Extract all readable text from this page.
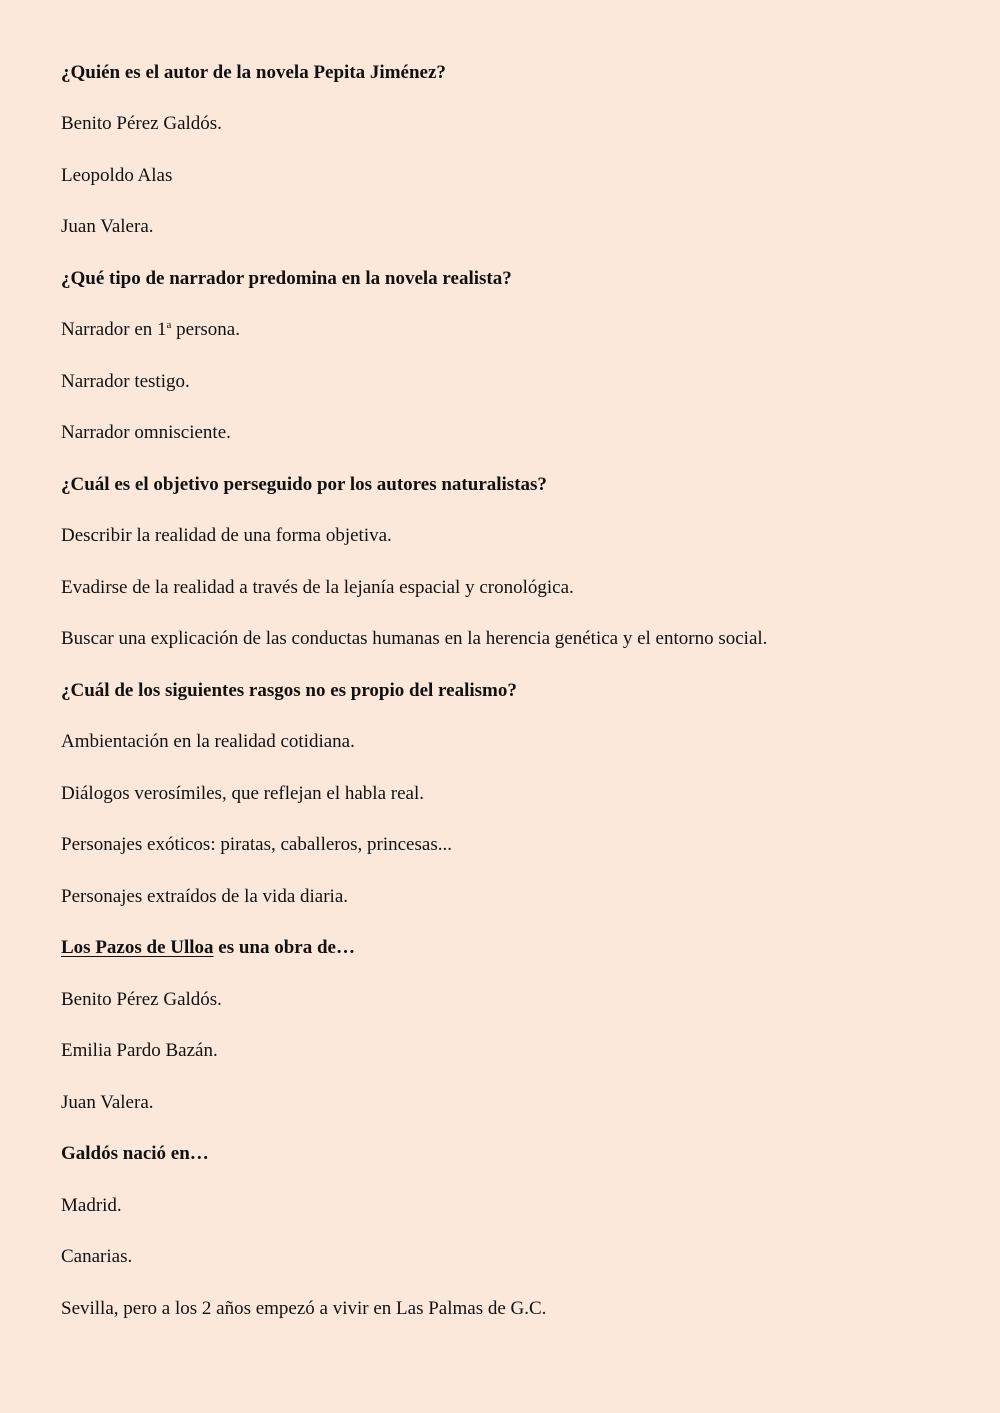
¿Quién es el autor de la novela Pepita Jiménez?
Benito Pérez Galdós.
Leopoldo Alas
Juan Valera.
¿Qué tipo de narrador predomina en la novela realista?
Narrador en 1$^a$ persona.
Narrador testigo.
Narrador omnisciente.
¿Cuál es el objetivo perseguido por los autores naturalistas?
Describir la realidad de una forma objetiva.
Evadirse de la realidad a través de la lejanía espacial y cronológica.
Buscar una explicación de las conductas humanas en la herencia genética y el entorno social.
¿Cuál de los siguientes rasgos no es propio del realismo?
Ambientación en la realidad cotidiana.
Diálogos verosímiles, que reflejan el habla real.
Personajes exóticos: piratas, caballeros, princesas...
Personajes extraídos de la vida diaria.
Los Pazos de Ulloa es una obra de…
Benito Pérez Galdós.
Emilia Pardo Bazán.
Juan Valera.
Galdós nació en…
Madrid.
Canarias.
Sevilla, pero a los 2 años empezó a vivir en Las Palmas de G.C.
